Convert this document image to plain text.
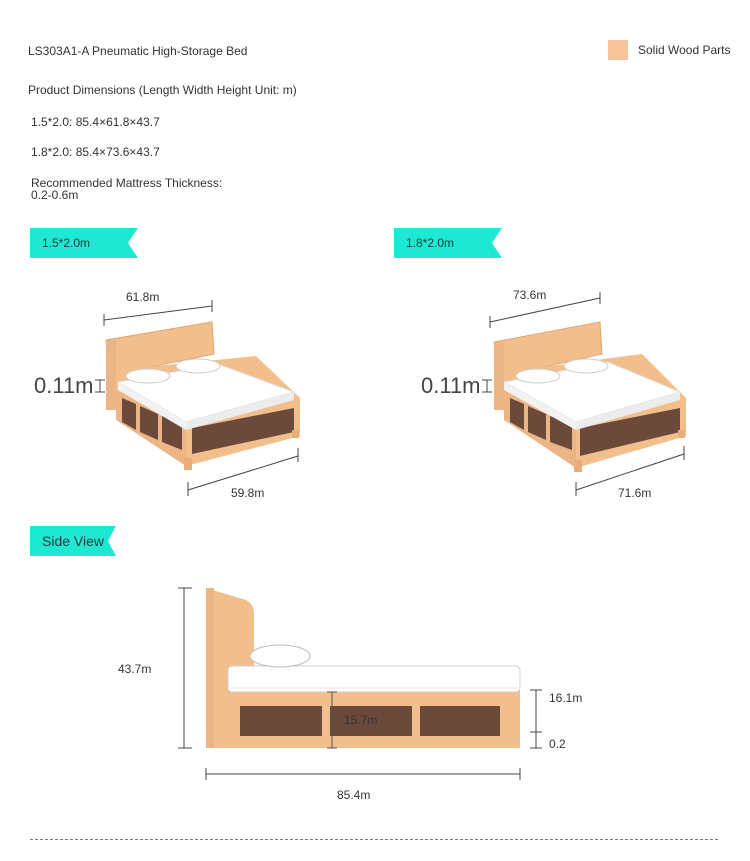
LS303A1-A Pneumatic High-Storage Bed	Solid Wood Parts
Product Dimensions (Length Width Height Unit: m)
1.5*2.0: 85.4×61.8×43.7
1.8*2.0: 85.4×73.6×43.7
Recommended Mattress Thickness:
0.2-0.6m
1.5*2.0m	1.8*2.0m
Side View
61.8m
0.11m
59.8m
73.6m
0.11m
71.6m
43.7m
15.7m
16.1m
0.2
85.4m
